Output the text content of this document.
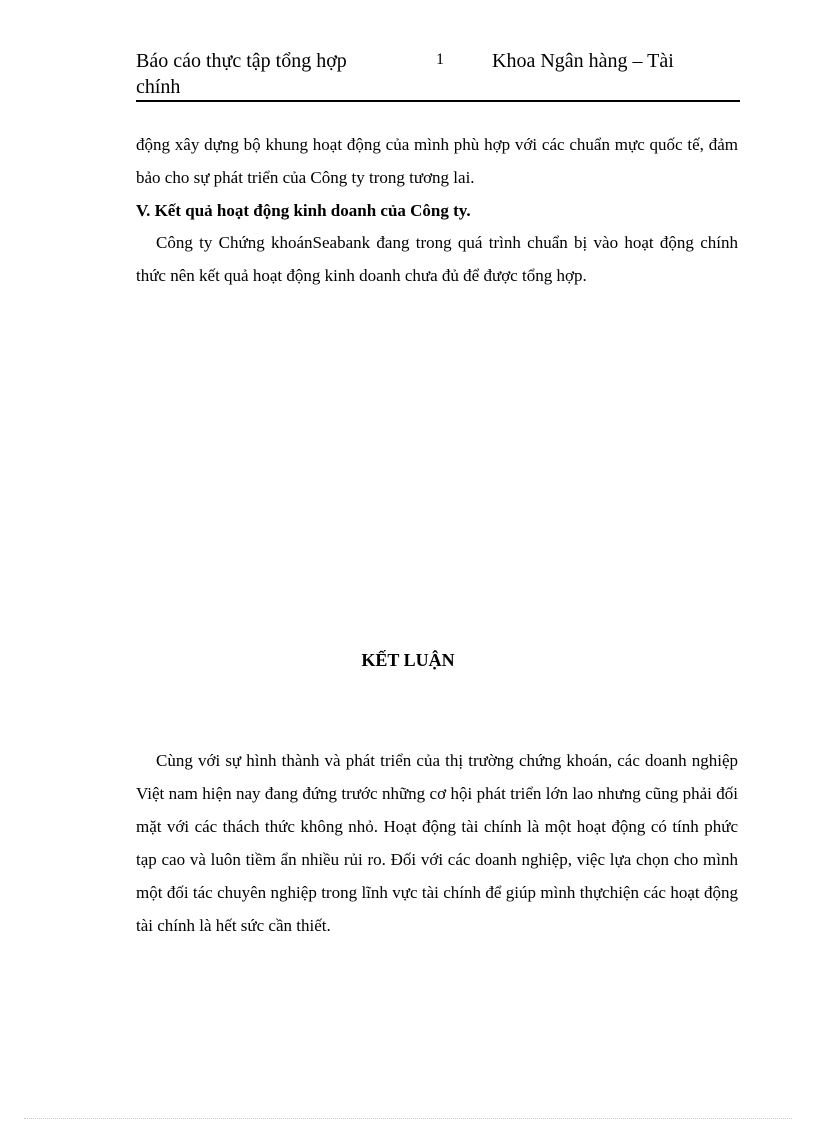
Báo cáo thực tập tổng hợp chính
1 Khoa Ngân hàng – Tài

động xây dựng bộ khung hoạt động của mình phù hợp với các chuẩn mực quốc tế, đảm bảo cho sự phát triển của Công ty trong tương lai.

V. Kết quả hoạt động kinh doanh của Công ty.

Công ty Chứng khoánSeabank đang trong quá trình chuẩn bị vào hoạt động chính thức nên kết quả hoạt động kinh doanh chưa đủ để được tổng hợp.

KẾT LUẬN

Cùng với sự hình thành và phát triển của thị trường chứng khoán, các doanh nghiệp Việt nam hiện nay đang đứng trước những cơ hội phát triển lớn lao nhưng cũng phải đối mặt với các thách thức không nhỏ. Hoạt động tài chính là một hoạt động có tính phức tạp cao và luôn tiềm ẩn nhiều rủi ro. Đối với các doanh nghiệp, việc lựa chọn cho mình một đối tác chuyên nghiệp trong lĩnh vực tài chính để giúp mình thựchiện các hoạt động tài chính là hết sức cần thiết.
